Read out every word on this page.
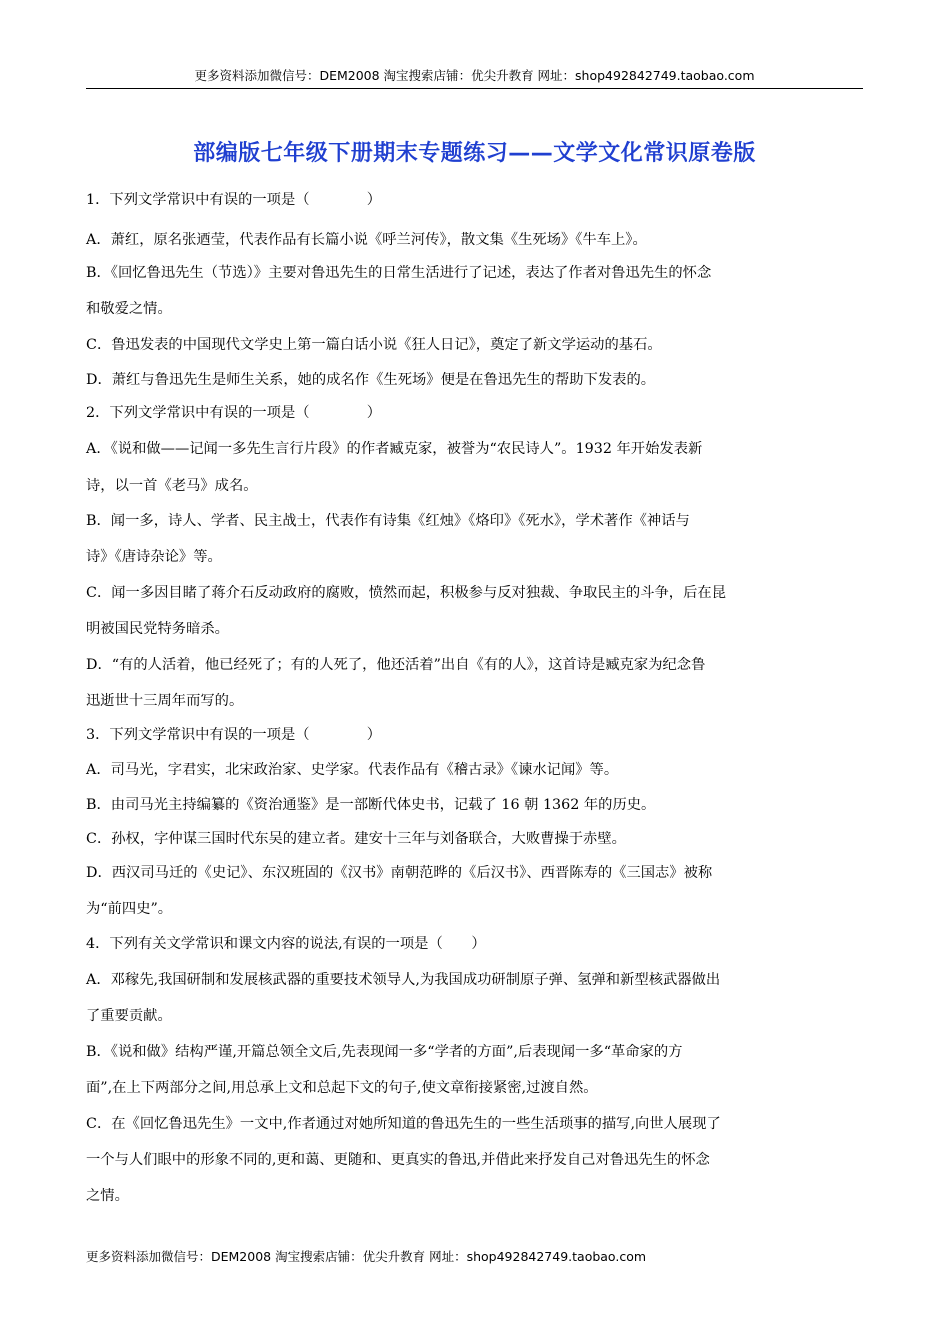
更多资料添加微信号：DEM2008 淘宝搜索店铺：优尖升教育 网址：shop492842749.taobao.com
部编版七年级下册期末专题练习——文学文化常识原卷版
1．下列文学常识中有误的一项是（　　　　）
A．萧红，原名张迺莹，代表作品有长篇小说《呼兰河传》，散文集《生死场》《牛车上》。
B．《回忆鲁迅先生（节选）》主要对鲁迅先生的日常生活进行了记述，表达了作者对鲁迅先生的怀念
和敬爱之情。
C．鲁迅发表的中国现代文学史上第一篇白话小说《狂人日记》，奠定了新文学运动的基石。
D．萧红与鲁迅先生是师生关系，她的成名作《生死场》便是在鲁迅先生的帮助下发表的。
2．下列文学常识中有误的一项是（　　　　）
A．《说和做——记闻一多先生言行片段》的作者臧克家，被誉为“农民诗人”。1932 年开始发表新
诗，以一首《老马》成名。
B．闻一多，诗人、学者、民主战士，代表作有诗集《红烛》《烙印》《死水》，学术著作《神话与
诗》《唐诗杂论》等。
C．闻一多因目睹了蒋介石反动政府的腐败，愤然而起，积极参与反对独裁、争取民主的斗争，后在昆
明被国民党特务暗杀。
D．“有的人活着，他已经死了；有的人死了，他还活着”出自《有的人》，这首诗是臧克家为纪念鲁
迅逝世十三周年而写的。
3．下列文学常识中有误的一项是（　　　　）
A．司马光，字君实，北宋政治家、史学家。代表作品有《稽古录》《谏水记闻》等。
B．由司马光主持编纂的《资治通鉴》是一部断代体史书，记载了 16 朝 1362 年的历史。
C．孙权，字仲谋三国时代东吴的建立者。建安十三年与刘备联合，大败曹操于赤壁。
D．西汉司马迁的《史记》、东汉班固的《汉书》南朝范晔的《后汉书》、西晋陈寿的《三国志》被称
为“前四史”。
4．下列有关文学常识和课文内容的说法,有误的一项是（　　）
A．邓稼先,我国研制和发展核武器的重要技术领导人,为我国成功研制原子弹、氢弹和新型核武器做出
了重要贡献。
B．《说和做》结构严谨,开篇总领全文后,先表现闻一多“学者的方面”,后表现闻一多“革命家的方
面”,在上下两部分之间,用总承上文和总起下文的句子,使文章衔接紧密,过渡自然。
C．在《回忆鲁迅先生》一文中,作者通过对她所知道的鲁迅先生的一些生活琐事的描写,向世人展现了
一个与人们眼中的形象不同的,更和蔼、更随和、更真实的鲁迅,并借此来抒发自己对鲁迅先生的怀念
之情。
更多资料添加微信号：DEM2008 淘宝搜索店铺：优尖升教育 网址：shop492842749.taobao.com
